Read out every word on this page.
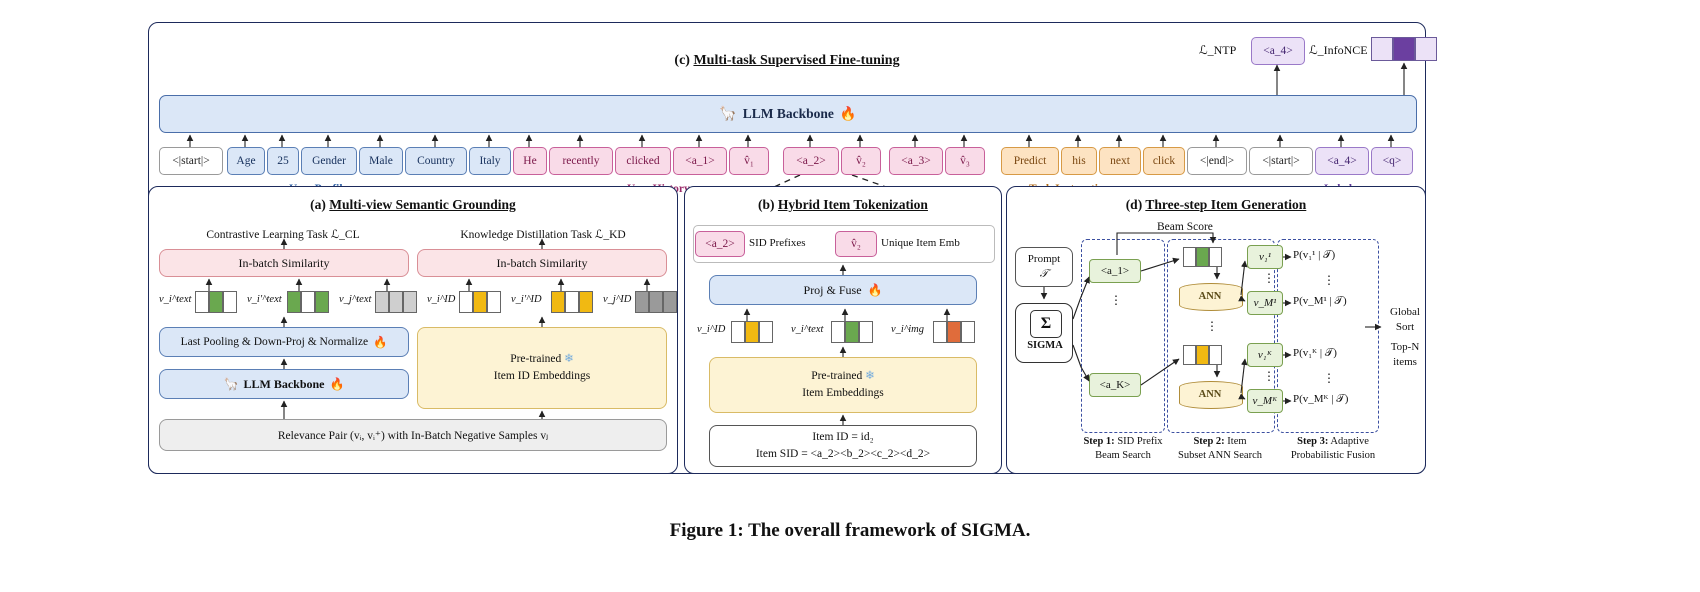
(c) Multi-task Supervised Fine-tuning
ℒ_NTP	<a_4>	ℒ_InfoNCE
🦙 LLM Backbone 🔥
<|start|>	Age	25	Gender	Male	Country	Italy	He	recently	clicked	<a_1>	v̂₁	<a_2>	v̂₂	<a_3>	v̂₃	Predict	his	next	click	<|end|>	<|start|>	<a_4>	<q>
(a) Multi-view Semantic Grounding
Contrastive Learning Task ℒ_CL	Knowledge Distillation Task ℒ_KD
In-batch Similarity	In-batch Similarity
v_i^text	v_i'^text	v_j^text	v_i^ID	v_i'^ID	v_j^ID
Last Pooling & Down-Proj & Normalize 🔥
Pre-trained ❄
Item ID Embeddings
🦙 LLM Backbone 🔥
Relevance Pair (vᵢ, vᵢ⁺) with In-Batch Negative Samples vⱼ
(b) Hybrid Item Tokenization
<a_2>	SID Prefixes	v̂₂	Unique Item Emb
Proj & Fuse 🔥
v_i^ID	v_i^text	v_i^img
Pre-trained ❄
Item Embeddings
Item ID = id₂
Item SID = <a_2><b_2><c_2><d_2>
(d) Three-step Item Generation
Beam Score
Prompt
𝒯
Σ
SIGMA
<a_1>
⋮
<a_K>
ANN
ANN
⋮
v₁¹
v_M¹
v₁ᴷ
v_Mᴷ
⋮
⋮
P(v₁¹ | 𝒯)
P(v_M¹ | 𝒯)
P(v₁ᴷ | 𝒯)
P(v_Mᴷ | 𝒯)
⋮
⋮
Global
Sort
Top-N
items
Step 1: SID Prefix
Beam Search
Step 2: Item
Subset ANN Search
Step 3: Adaptive
Probabilistic Fusion
Figure 1: The overall framework of SIGMA.
